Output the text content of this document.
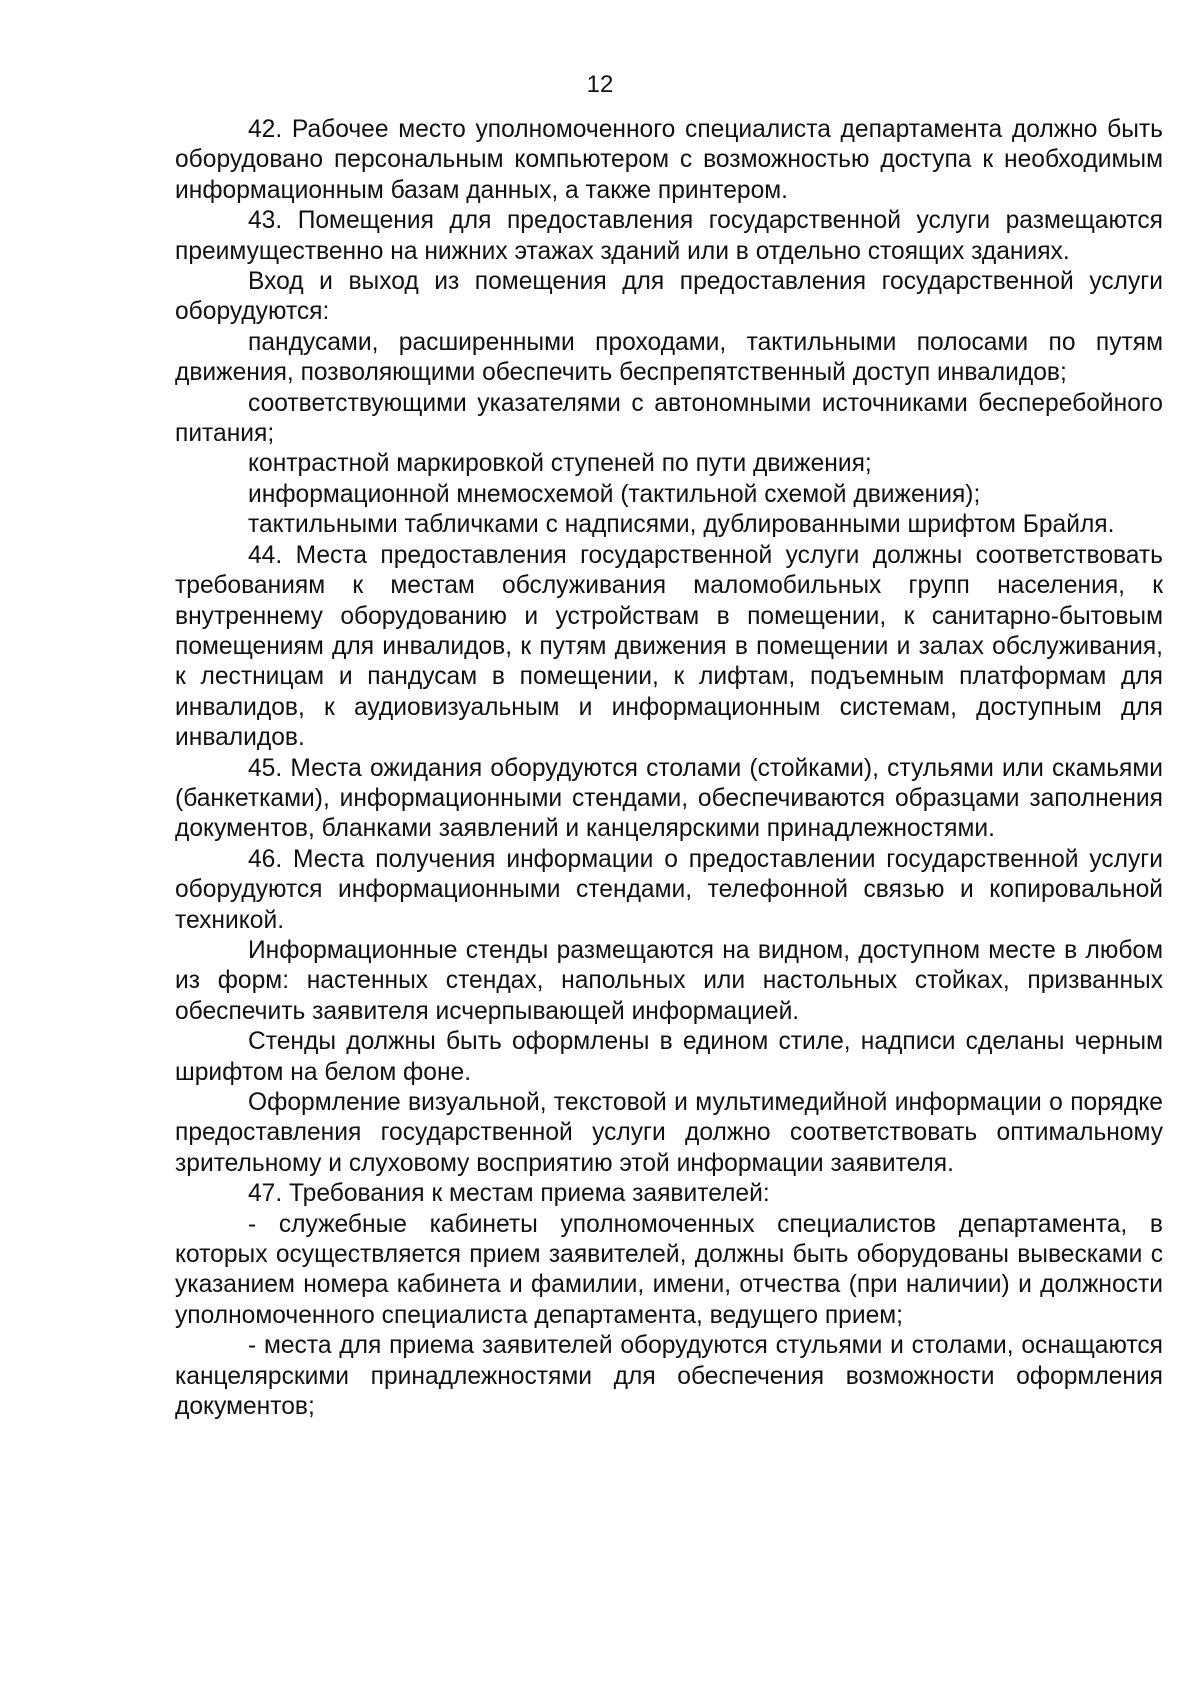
12

42. Рабочее место уполномоченного специалиста департамента должно быть оборудовано персональным компьютером с возможностью доступа к необходимым информационным базам данных, а также принтером.

43. Помещения для предоставления государственной услуги размещаются преимущественно на нижних этажах зданий или в отдельно стоящих зданиях.

Вход и выход из помещения для предоставления государственной услуги оборудуются:

пандусами, расширенными проходами, тактильными полосами по путям движения, позволяющими обеспечить беспрепятственный доступ инвалидов;

соответствующими указателями с автономными источниками бесперебойного питания;

контрастной маркировкой ступеней по пути движения;

информационной мнемосхемой (тактильной схемой движения);

тактильными табличками с надписями, дублированными шрифтом Брайля.

44. Места предоставления государственной услуги должны соответствовать требованиям к местам обслуживания маломобильных групп населения, к внутреннему оборудованию и устройствам в помещении, к санитарно-бытовым помещениям для инвалидов, к путям движения в помещении и залах обслуживания, к лестницам и пандусам в помещении, к лифтам, подъемным платформам для инвалидов, к аудиовизуальным и информационным системам, доступным для инвалидов.

45. Места ожидания оборудуются столами (стойками), стульями или скамьями (банкетками), информационными стендами, обеспечиваются образцами заполнения документов, бланками заявлений и канцелярскими принадлежностями.

46. Места получения информации о предоставлении государственной услуги оборудуются информационными стендами, телефонной связью и копировальной техникой.

Информационные стенды размещаются на видном, доступном месте в любом из форм: настенных стендах, напольных или настольных стойках, призванных обеспечить заявителя исчерпывающей информацией.

Стенды должны быть оформлены в едином стиле, надписи сделаны черным шрифтом на белом фоне.

Оформление визуальной, текстовой и мультимедийной информации о порядке предоставления государственной услуги должно соответствовать оптимальному зрительному и слуховому восприятию этой информации заявителя.

47. Требования к местам приема заявителей:

- служебные кабинеты уполномоченных специалистов департамента, в которых осуществляется прием заявителей, должны быть оборудованы вывесками с указанием номера кабинета и фамилии, имени, отчества (при наличии) и должности уполномоченного специалиста департамента, ведущего прием;

- места для приема заявителей оборудуются стульями и столами, оснащаются канцелярскими принадлежностями для обеспечения возможности оформления документов;
